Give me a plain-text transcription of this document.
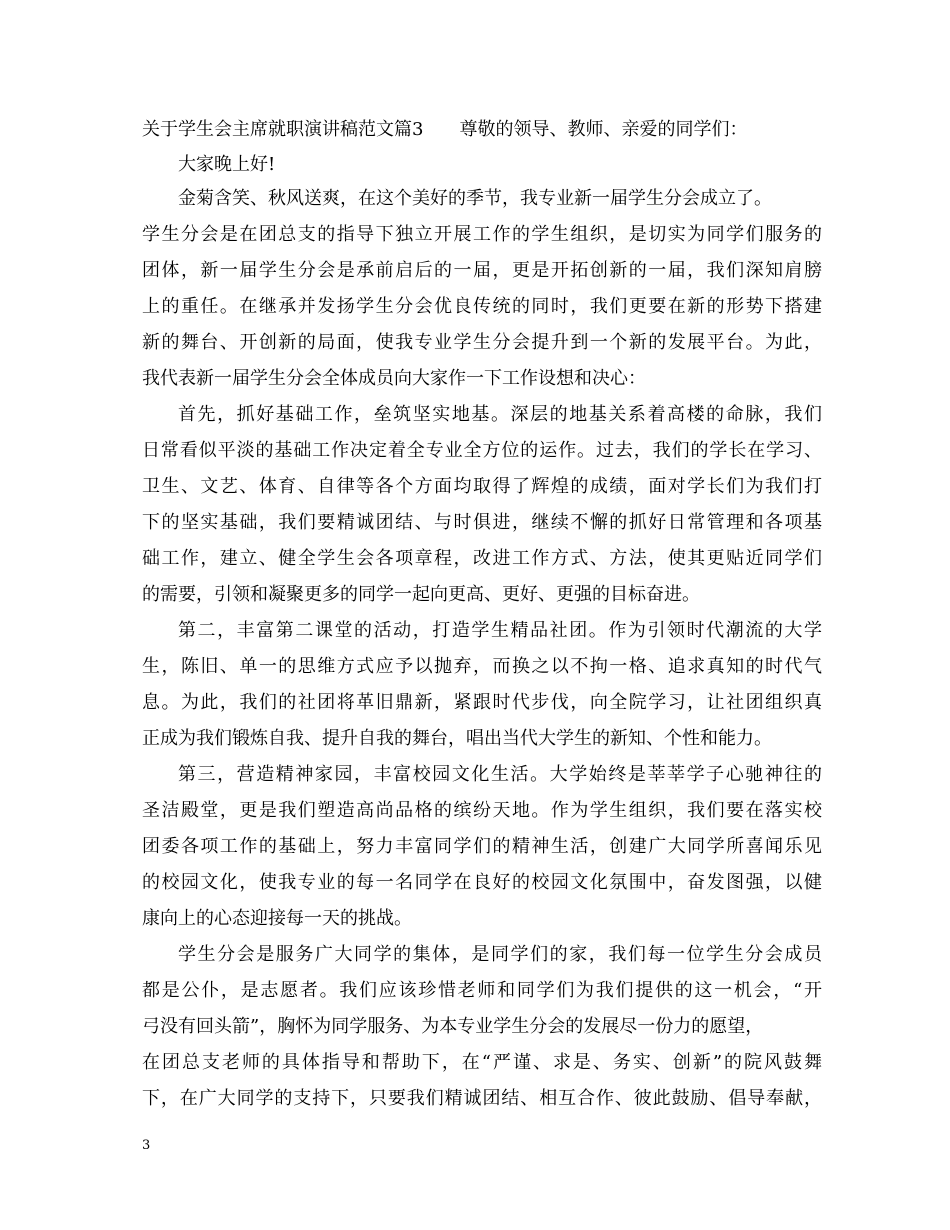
关于学生会主席就职演讲稿范文篇3　　尊敬的领导、教师、亲爱的同学们：
大家晚上好!
金菊含笑、秋风送爽，在这个美好的季节，我专业新一届学生分会成立了。
学生分会是在团总支的指导下独立开展工作的学生组织，是切实为同学们服务的
团体，新一届学生分会是承前启后的一届，更是开拓创新的一届，我们深知肩膀
上的重任。在继承并发扬学生分会优良传统的同时，我们更要在新的形势下搭建
新的舞台、开创新的局面，使我专业学生分会提升到一个新的发展平台。为此，
我代表新一届学生分会全体成员向大家作一下工作设想和决心：
首先，抓好基础工作，垒筑坚实地基。深层的地基关系着高楼的命脉，我们
日常看似平淡的基础工作决定着全专业全方位的运作。过去，我们的学长在学习、
卫生、文艺、体育、自律等各个方面均取得了辉煌的成绩，面对学长们为我们打
下的坚实基础，我们要精诚团结、与时俱进，继续不懈的抓好日常管理和各项基
础工作，建立、健全学生会各项章程，改进工作方式、方法，使其更贴近同学们
的需要，引领和凝聚更多的同学一起向更高、更好、更强的目标奋进。
第二，丰富第二课堂的活动，打造学生精品社团。作为引领时代潮流的大学
生，陈旧、单一的思维方式应予以抛弃，而换之以不拘一格、追求真知的时代气
息。为此，我们的社团将革旧鼎新，紧跟时代步伐，向全院学习，让社团组织真
正成为我们锻炼自我、提升自我的舞台，唱出当代大学生的新知、个性和能力。
第三，营造精神家园，丰富校园文化生活。大学始终是莘莘学子心驰神往的
圣洁殿堂，更是我们塑造高尚品格的缤纷天地。作为学生组织，我们要在落实校
团委各项工作的基础上，努力丰富同学们的精神生活，创建广大同学所喜闻乐见
的校园文化，使我专业的每一名同学在良好的校园文化氛围中，奋发图强，以健
康向上的心态迎接每一天的挑战。
学生分会是服务广大同学的集体，是同学们的家，我们每一位学生分会成员
都是公仆，是志愿者。我们应该珍惜老师和同学们为我们提供的这一机会，“开
弓没有回头箭”，胸怀为同学服务、为本专业学生分会的发展尽一份力的愿望，
在团总支老师的具体指导和帮助下，在“严谨、求是、务实、创新”的院风鼓舞
下，在广大同学的支持下，只要我们精诚团结、相互合作、彼此鼓励、倡导奉献，
3
